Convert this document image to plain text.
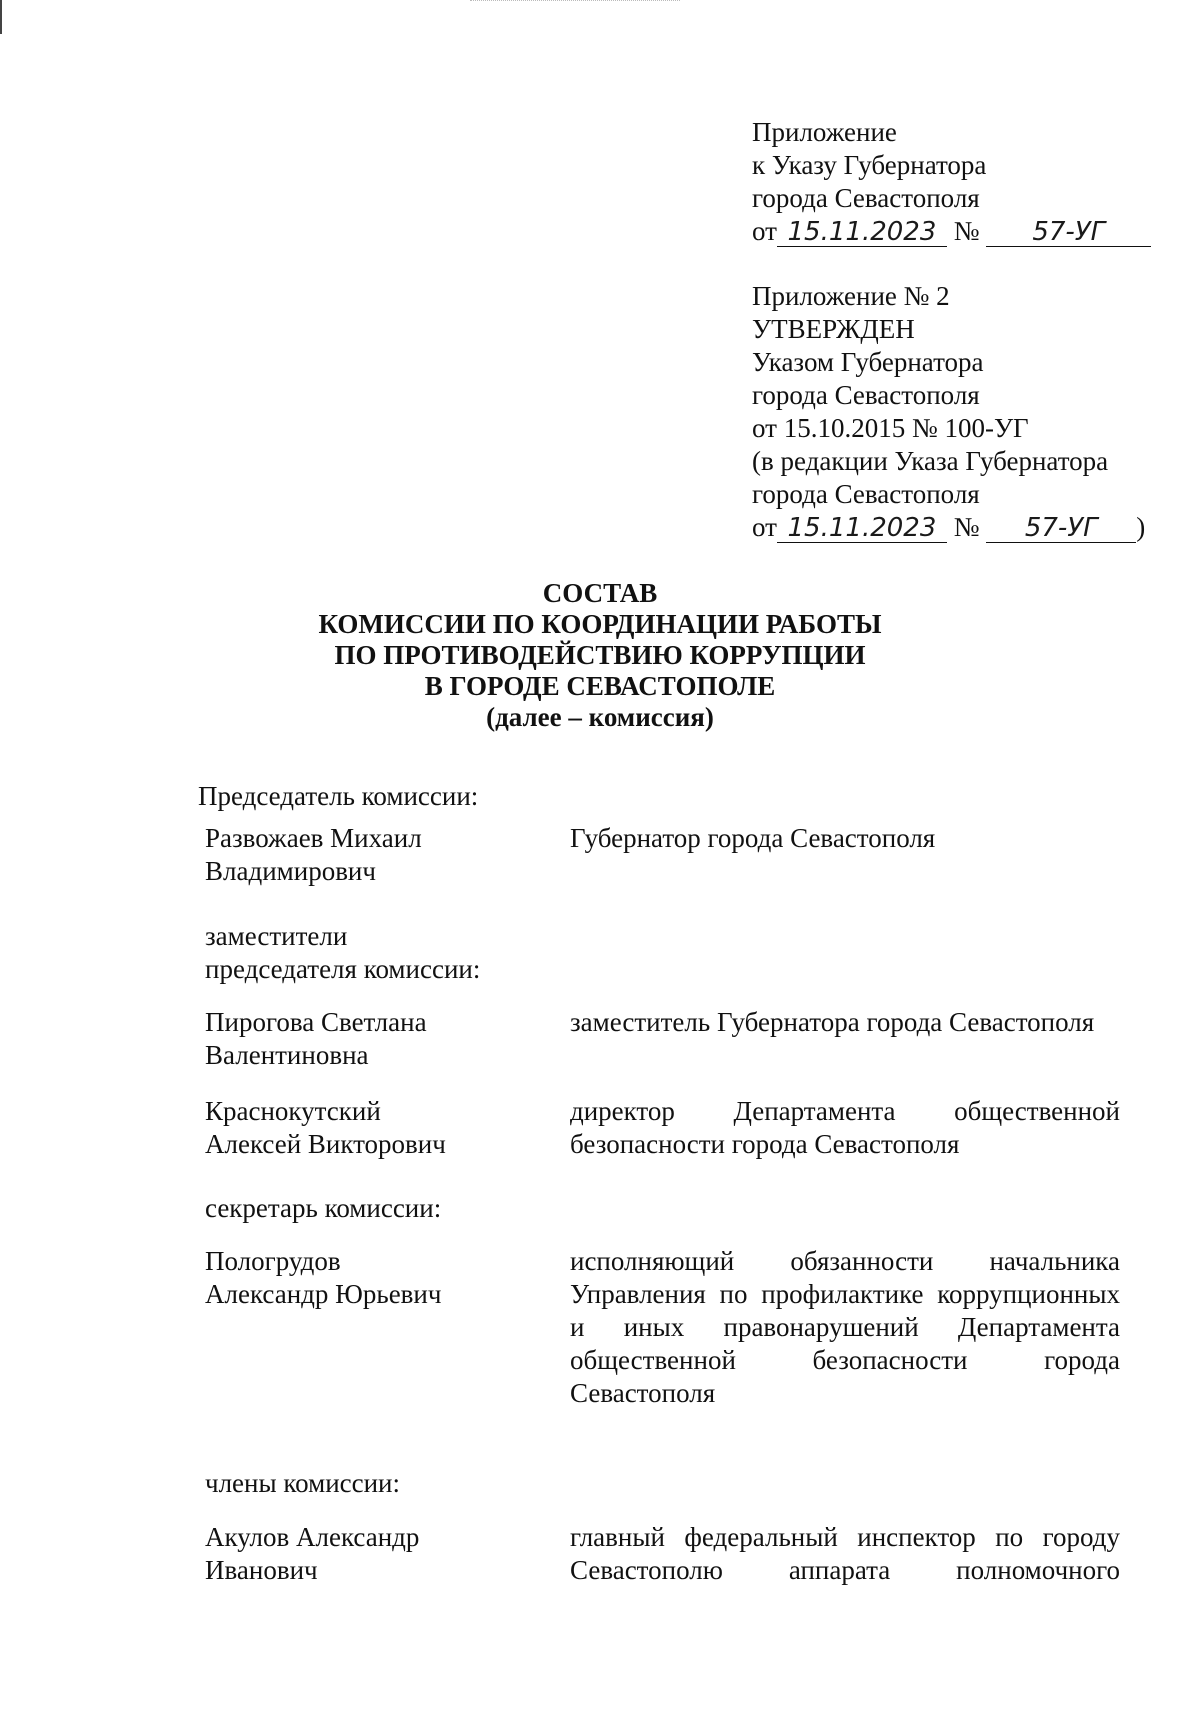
Приложение
к Указу Губернатора
города Севастополя
от 15.11.2023 № 57-УГ
Приложение № 2
УТВЕРЖДЕН
Указом Губернатора
города Севастополя
от 15.10.2015 № 100-УГ
(в редакции Указа Губернатора
города Севастополя
от 15.11.2023 № 57-УГ )
СОСТАВ
КОМИССИИ ПО КООРДИНАЦИИ РАБОТЫ
ПО ПРОТИВОДЕЙСТВИЮ КОРРУПЦИИ
В ГОРОДЕ СЕВАСТОПОЛЕ
(далее – комиссия)
Председатель комиссии:
Развожаев Михаил
Владимирович
Губернатор города Севастополя
заместители
председателя комиссии:
Пирогова Светлана
Валентиновна
заместитель Губернатора города Севастополя
Краснокутский
Алексей Викторович
директор Департамента общественной безопасности города Севастополя
секретарь комиссии:
Пологрудов
Александр Юрьевич
исполняющий обязанности начальника Управления по профилактике коррупционных и иных правонарушений Департамента общественной безопасности города Севастополя
члены комиссии:
Акулов Александр
Иванович
главный федеральный инспектор по городу Севастополю аппарата полномочного
